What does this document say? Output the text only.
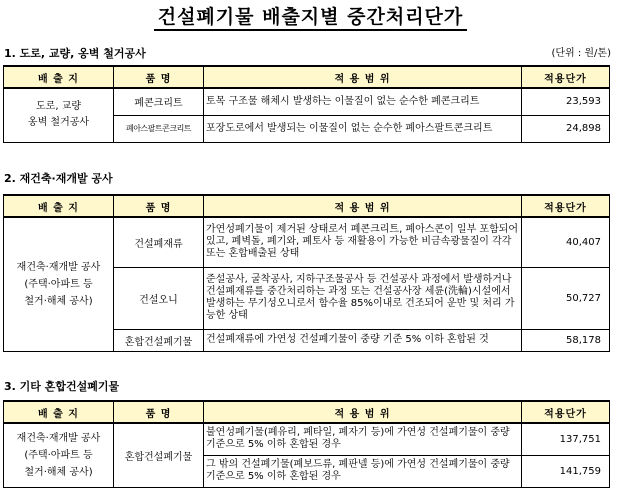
건설폐기물 배출지별 중간처리단가
1. 도로, 교량, 옹벽 철거공사	(단위 : 원/톤)
배 출 지	품 명	적 용 범 위	적용단가
도로, 교량
옹벽 철거공사	폐콘크리트	토목 구조물 해체시 발생하는 이물질이 없는 순수한 폐콘크리트	23,593
	폐아스팔트콘크리트	포장도로에서 발생되는 이물질이 없는 순수한 폐아스팔트콘크리트	24,898
2. 재건축·재개발 공사
배 출 지	품 명	적 용 범 위	적용단가
재건축·재개발 공사
(주택·아파트 등
철거·해체 공사)	건설폐재류	가연성폐기물이 제거된 상태로서 폐콘크리트, 폐아스콘이 일부 포함되어 있고, 폐벽돌, 폐기와, 폐토사 등 재활용이 가능한 비금속광물질이 각각 또는 혼합배출된 상태	40,407
	건설오니	준설공사, 굴착공사, 지하구조물공사 등 건설공사 과정에서 발생하거나 건설폐재류를 중간처리하는 과정 또는 건설공사장 세륜(洗輪)시설에서 발생하는 무기성오니로서 함수율 85%이내로 건조되어 운반 및 처리 가능한 상태	50,727
	혼합건설폐기물	건설폐재류에 가연성 건설폐기물이 중량 기준 5% 이하 혼합된 것	58,178
3. 기타 혼합건설폐기물
배 출 지	품 명	적 용 범 위	적용단가
재건축·재개발 공사
(주택·아파트 등
철거·해체 공사)	혼합건설폐기물	불연성폐기물(폐유리, 폐타일, 폐자기 등)에 가연성 건설폐기물이 중량기준으로 5% 이하 혼합된 경우	137,751
		그 밖의 건설폐기물(폐보드류, 폐판넬 등)에 가연성 건설폐기물이 중량기준으로 5% 이하 혼합된 경우	141,759
